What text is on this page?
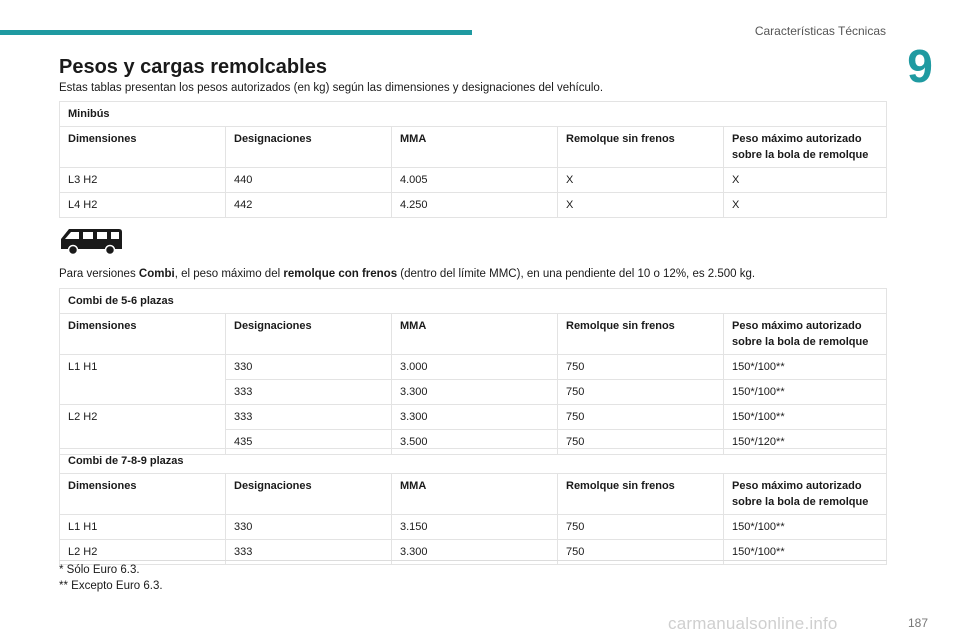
Características Técnicas
9
Pesos y cargas remolcables
Estas tablas presentan los pesos autorizados (en kg) según las dimensiones y designaciones del vehículo.
Minibús				
Dimensiones	Designaciones	MMA	Remolque sin frenos	Peso máximo autorizado sobre la bola de remolque
L3 H2	440	4.005	X	X
L4 H2	442	4.250	X	X
Para versiones Combi, el peso máximo del remolque con frenos (dentro del límite MMC), en una pendiente del 10 o 12%, es 2.500 kg.
Combi de 5-6 plazas				
Dimensiones	Designaciones	MMA	Remolque sin frenos	Peso máximo autorizado sobre la bola de remolque
L1 H1	330	3.000	750	150*/100**
	333	3.300	750	150*/100**
L2 H2	333	3.300	750	150*/100**
	435	3.500	750	150*/120**
Combi de 7-8-9 plazas				
Dimensiones	Designaciones	MMA	Remolque sin frenos	Peso máximo autorizado sobre la bola de remolque
L1 H1	330	3.150	750	150*/100**
L2 H2	333	3.300	750	150*/100**
* Sólo Euro 6.3.
** Excepto Euro 6.3.
carmanualsonline.info	187
